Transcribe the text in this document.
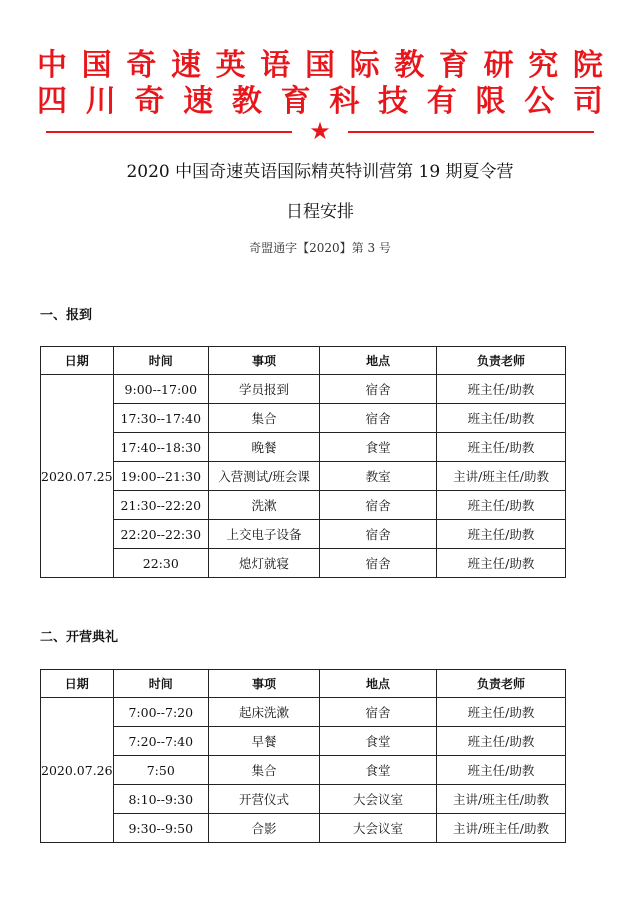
中 国 奇 速 英 语 国 际 教 育 研 究 院
四 川 奇 速 教 育 科 技 有 限 公 司
★
2020 中国奇速英语国际精英特训营第 19 期夏令营
日程安排
奇盟通字【2020】第 3 号
一、报到
日期	时间	事项	地点	负责老师
2020.07.25	9:00--17:00	学员报到	宿舍	班主任/助教
	17:30--17:40	集合	宿舍	班主任/助教
	17:40--18:30	晚餐	食堂	班主任/助教
	19:00--21:30	入营测试/班会课	教室	主讲/班主任/助教
	21:30--22:20	洗漱	宿舍	班主任/助教
	22:20--22:30	上交电子设备	宿舍	班主任/助教
	22:30	熄灯就寝	宿舍	班主任/助教
二、开营典礼
日期	时间	事项	地点	负责老师
2020.07.26	7:00--7:20	起床洗漱	宿舍	班主任/助教
	7:20--7:40	早餐	食堂	班主任/助教
	7:50	集合	食堂	班主任/助教
	8:10--9:30	开营仪式	大会议室	主讲/班主任/助教
	9:30--9:50	合影	大会议室	主讲/班主任/助教
